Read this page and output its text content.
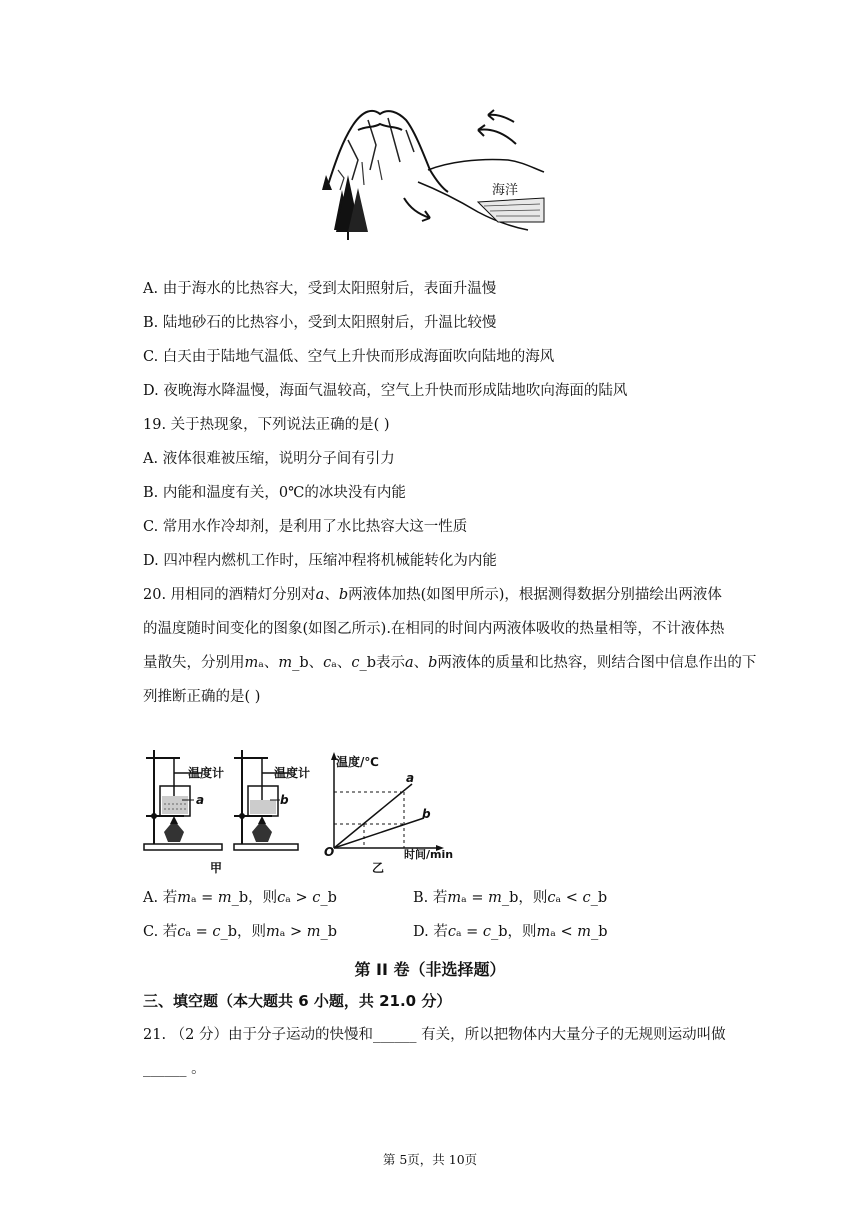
海洋
A. 由于海水的比热容大，受到太阳照射后，表面升温慢
B. 陆地砂石的比热容小，受到太阳照射后，升温比较慢
C. 白天由于陆地气温低、空气上升快而形成海面吹向陆地的海风
D. 夜晚海水降温慢，海面气温较高，空气上升快而形成陆地吹向海面的陆风
19. 关于热现象，下列说法正确的是( )
A. 液体很难被压缩，说明分子间有引力
B. 内能和温度有关，0℃的冰块没有内能
C. 常用水作冷却剂，是利用了水比热容大这一性质
D. 四冲程内燃机工作时，压缩冲程将机械能转化为内能
20. 用相同的酒精灯分别对𝑎、𝑏两液体加热(如图甲所示)，根据测得数据分别描绘出两液体
的温度随时间变化的图象(如图乙所示).在相同的时间内两液体吸收的热量相等，不计液体热
量散失，分别用𝑚ₐ、𝑚_b、𝑐ₐ、𝑐_b表示𝑎、𝑏两液体的质量和比热容，则结合图中信息作出的下
列推断正确的是( )
温度计
a
温度计
b
甲
温度/℃
时间/min
O
a
b
乙
A. 若𝑚ₐ = 𝑚_b，则𝑐ₐ > 𝑐_b	B. 若𝑚ₐ = 𝑚_b，则𝑐ₐ < 𝑐_b
C. 若𝑐ₐ = 𝑐_b，则𝑚ₐ > 𝑚_b	D. 若𝑐ₐ = 𝑐_b，则𝑚ₐ < 𝑚_b
第 II 卷（非选择题）
三、填空题（本大题共 6 小题，共 21.0 分）
21. （2 分）由于分子运动的快慢和______ 有关，所以把物体内大量分子的无规则运动叫做
______ 。
第 5页，共 10页
